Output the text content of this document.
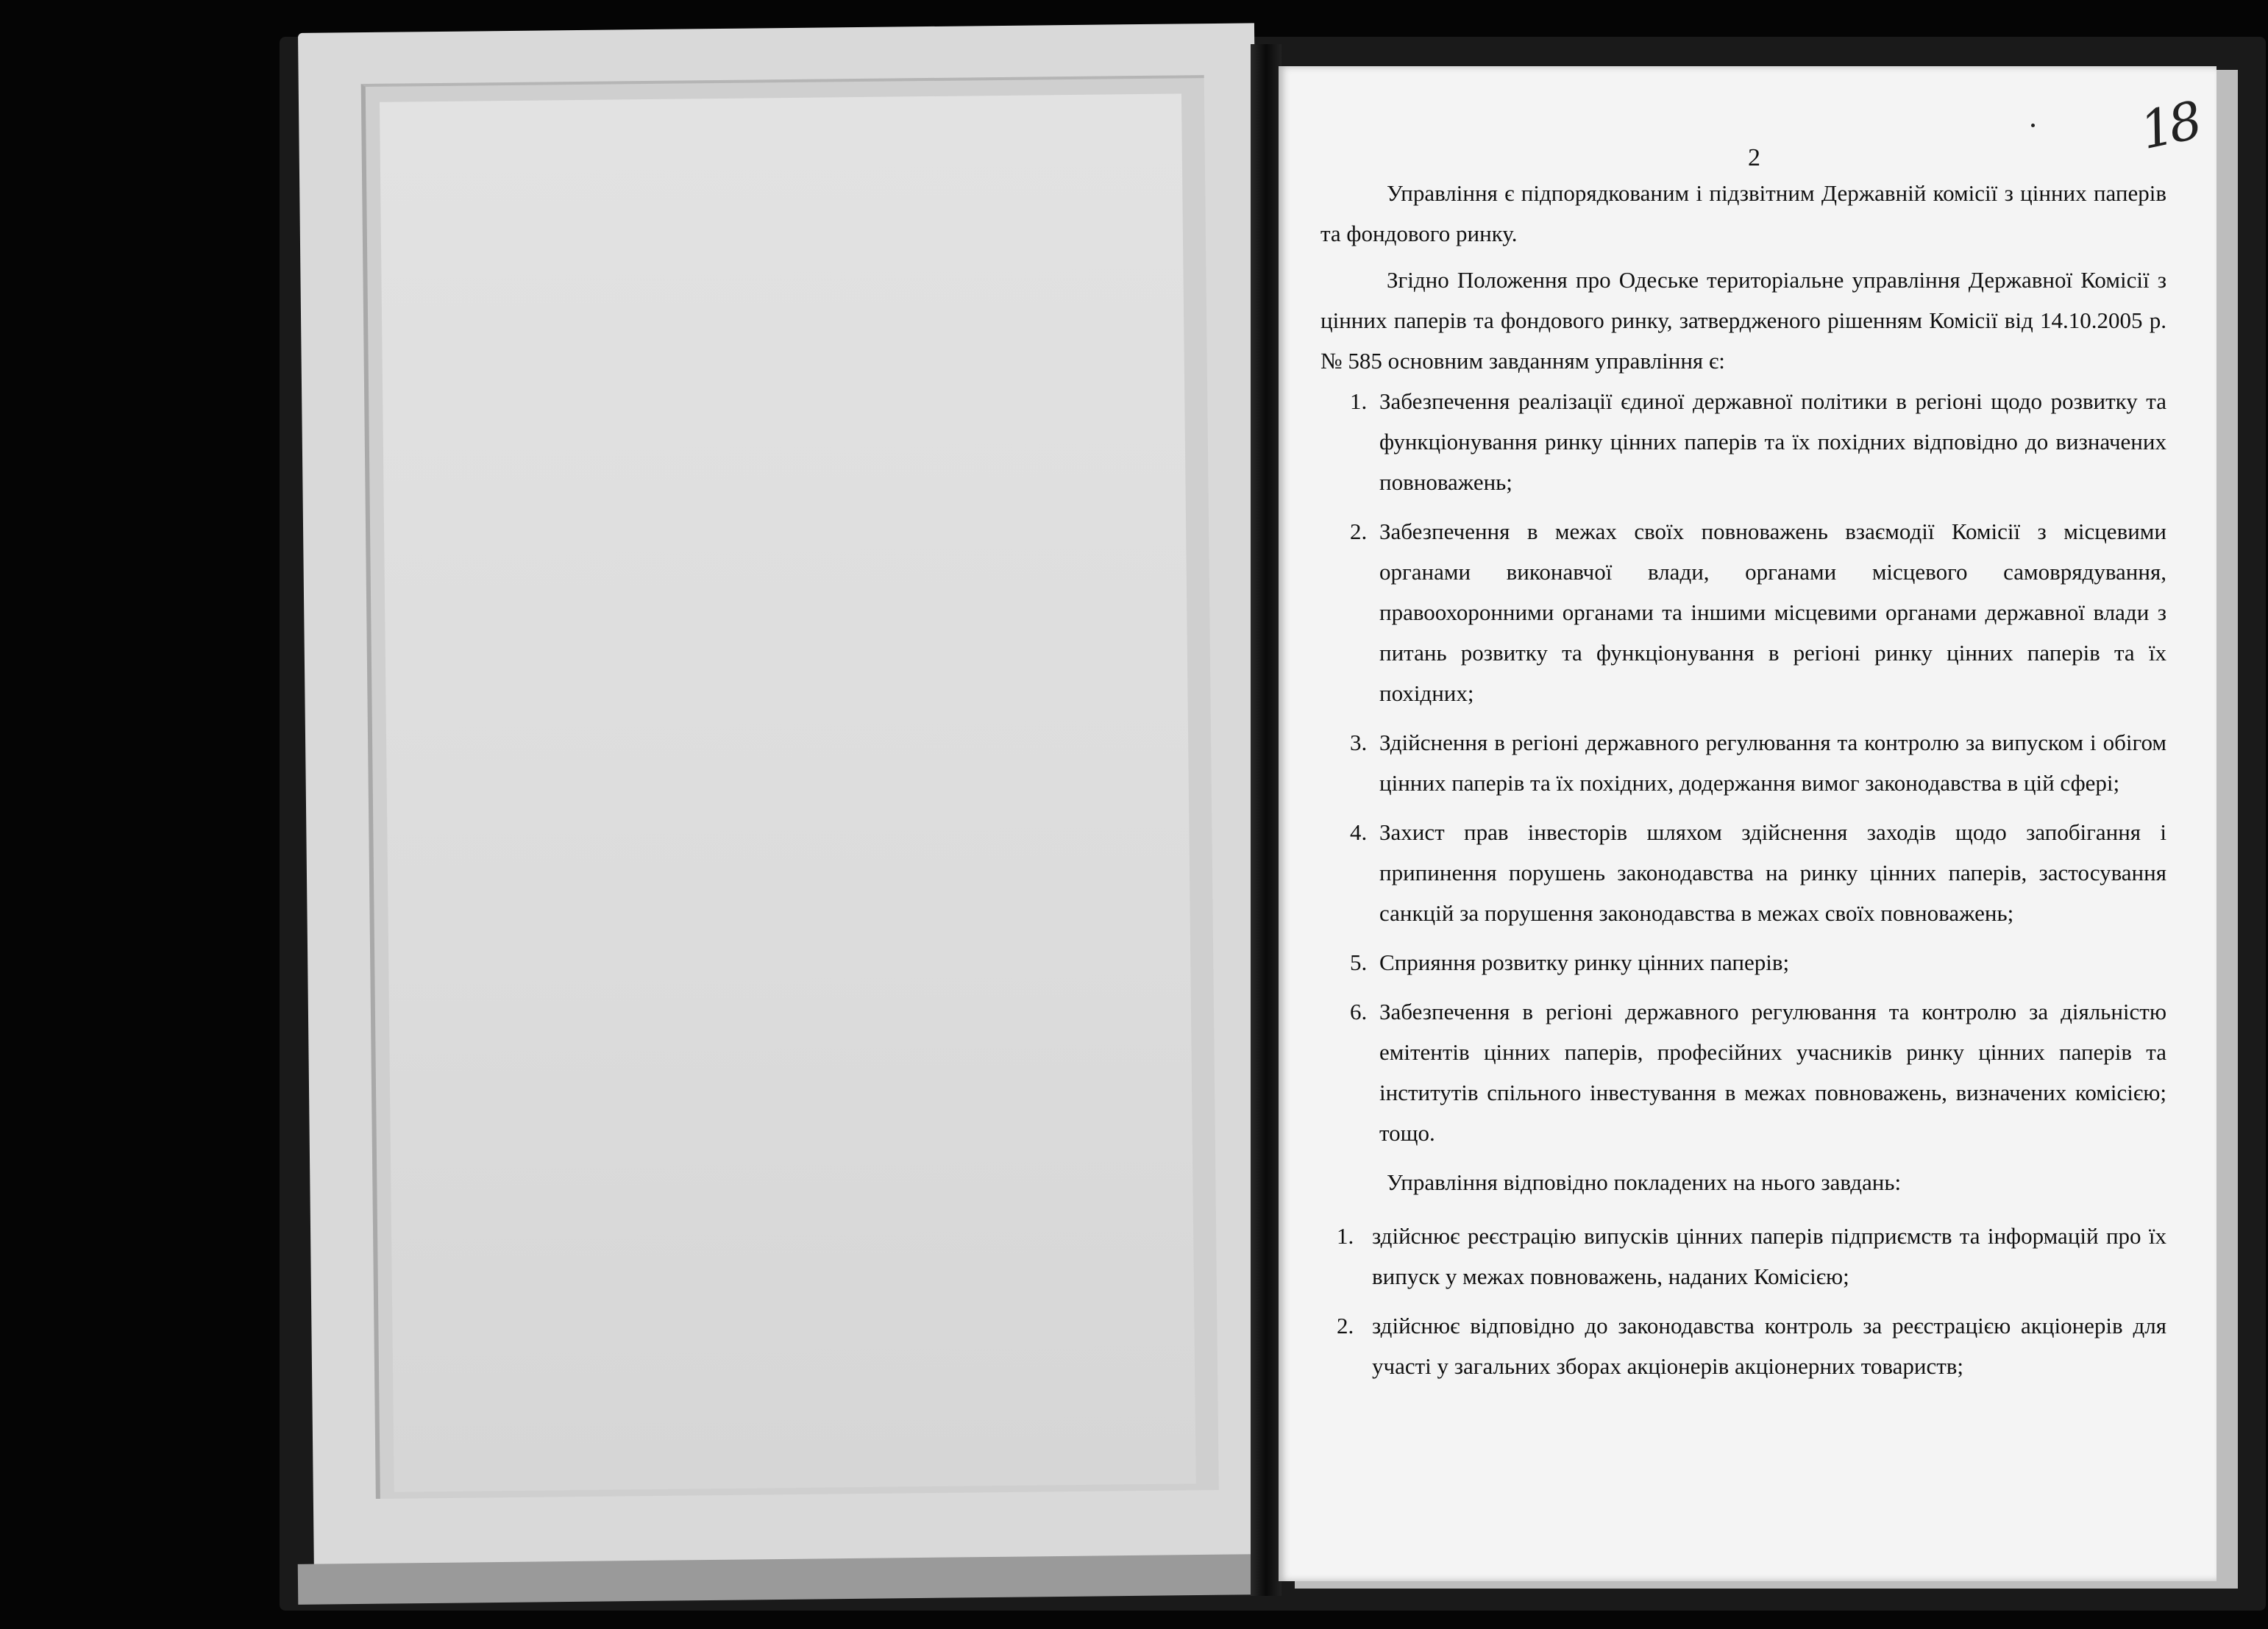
2	18

Управління є підпорядкованим і підзвітним Державній комісії з цінних паперів та фондового ринку.

Згідно Положення про Одеське територіальне управління Державної Комісії з цінних паперів та фондового ринку, затвердженого рішенням Комісії від 14.10.2005 р. № 585 основним завданням управління є:

1. Забезпечення реалізації єдиної державної політики в регіоні щодо розвитку та функціонування ринку цінних паперів та їх похідних відповідно до визначених повноважень;
2. Забезпечення в межах своїх повноважень взаємодії Комісії з місцевими органами виконавчої влади, органами місцевого самоврядування, правоохоронними органами та іншими місцевими органами державної влади з питань розвитку та функціонування в регіоні ринку цінних паперів та їх похідних;
3. Здійснення в регіоні державного регулювання та контролю за випуском і обігом цінних паперів та їх похідних, додержання вимог законодавства в цій сфері;
4. Захист прав інвесторів шляхом здійснення заходів щодо запобігання і припинення порушень законодавства на ринку цінних паперів, застосування санкцій за порушення законодавства в межах своїх повноважень;
5. Сприяння розвитку ринку цінних паперів;
6. Забезпечення в регіоні державного регулювання та контролю за діяльністю емітентів цінних паперів, професійних учасників ринку цінних паперів та інститутів спільного інвестування в межах повноважень, визначених комісією; тощо.

Управління відповідно покладених на нього завдань:

1. здійснює реєстрацію випусків цінних паперів підприємств та інформацій про їх випуск у межах повноважень, наданих Комісією;
2. здійснює відповідно до законодавства контроль за реєстрацією акціонерів для участі у загальних зборах акціонерів акціонерних товариств;
